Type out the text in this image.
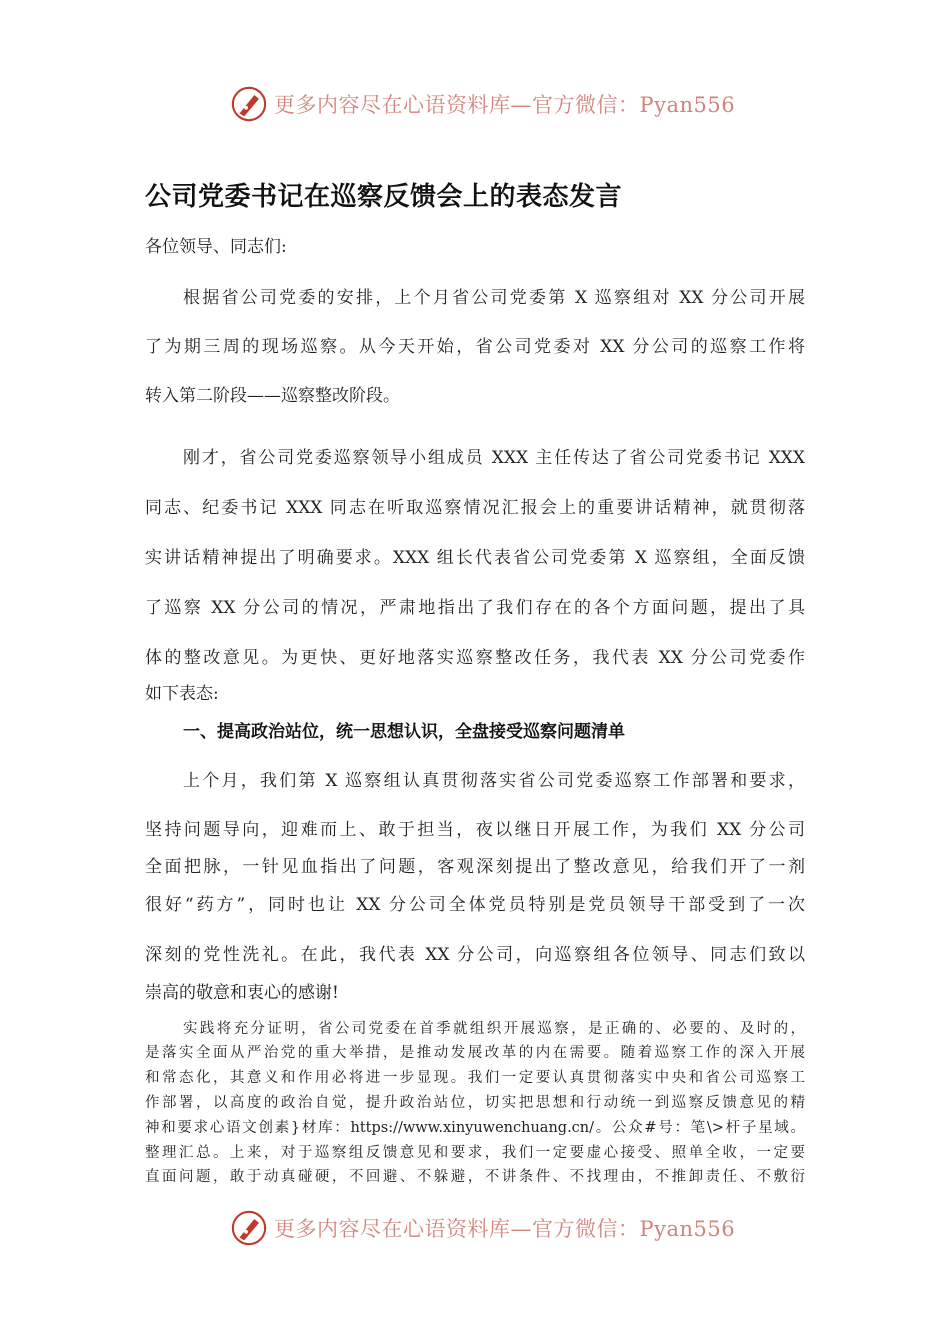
更多内容尽在心语资料库—官方微信：Pyan556
公司党委书记在巡察反馈会上的表态发言
各位领导、同志们:
根据省公司党委的安排，上个月省公司党委第 X 巡察组对 XX 分公司开展
了为期三周的现场巡察。从今天开始，省公司党委对 XX 分公司的巡察工作将
转入第二阶段——巡察整改阶段。
刚才，省公司党委巡察领导小组成员 XXX 主任传达了省公司党委书记 XXX
同志、纪委书记 XXX 同志在听取巡察情况汇报会上的重要讲话精神，就贯彻落
实讲话精神提出了明确要求。XXX 组长代表省公司党委第 X 巡察组，全面反馈
了巡察 XX 分公司的情况，严肃地指出了我们存在的各个方面问题，提出了具
体的整改意见。为更快、更好地落实巡察整改任务，我代表 XX 分公司党委作
如下表态:
一、提高政治站位，统一思想认识，全盘接受巡察问题清单
上个月，我们第 X 巡察组认真贯彻落实省公司党委巡察工作部署和要求，
坚持问题导向，迎难而上、敢于担当，夜以继日开展工作，为我们 XX 分公司
全面把脉，一针见血指出了问题，客观深刻提出了整改意见，给我们开了一剂
很好“药方”，同时也让 XX 分公司全体党员特别是党员领导干部受到了一次
深刻的党性洗礼。在此，我代表 XX 分公司，向巡察组各位领导、同志们致以
崇高的敬意和衷心的感谢!
实践将充分证明，省公司党委在首季就组织开展巡察，是正确的、必要的、及时的，
是落实全面从严治党的重大举措，是推动发展改革的内在需要。随着巡察工作的深入开展
和常态化，其意义和作用必将进一步显现。我们一定要认真贯彻落实中央和省公司巡察工
作部署，以高度的政治自觉，提升政治站位，切实把思想和行动统一到巡察反馈意见的精
神和要求心语文创素}材库：https://www.xinyuwenchuang.cn/。公众#号：笔\>杆子星域。
整理汇总。上来，对于巡察组反馈意见和要求，我们一定要虚心接受、照单全收，一定要
直面问题，敢于动真碰硬，不回避、不躲避，不讲条件、不找理由，不推卸责任、不敷衍
更多内容尽在心语资料库—官方微信：Pyan556
